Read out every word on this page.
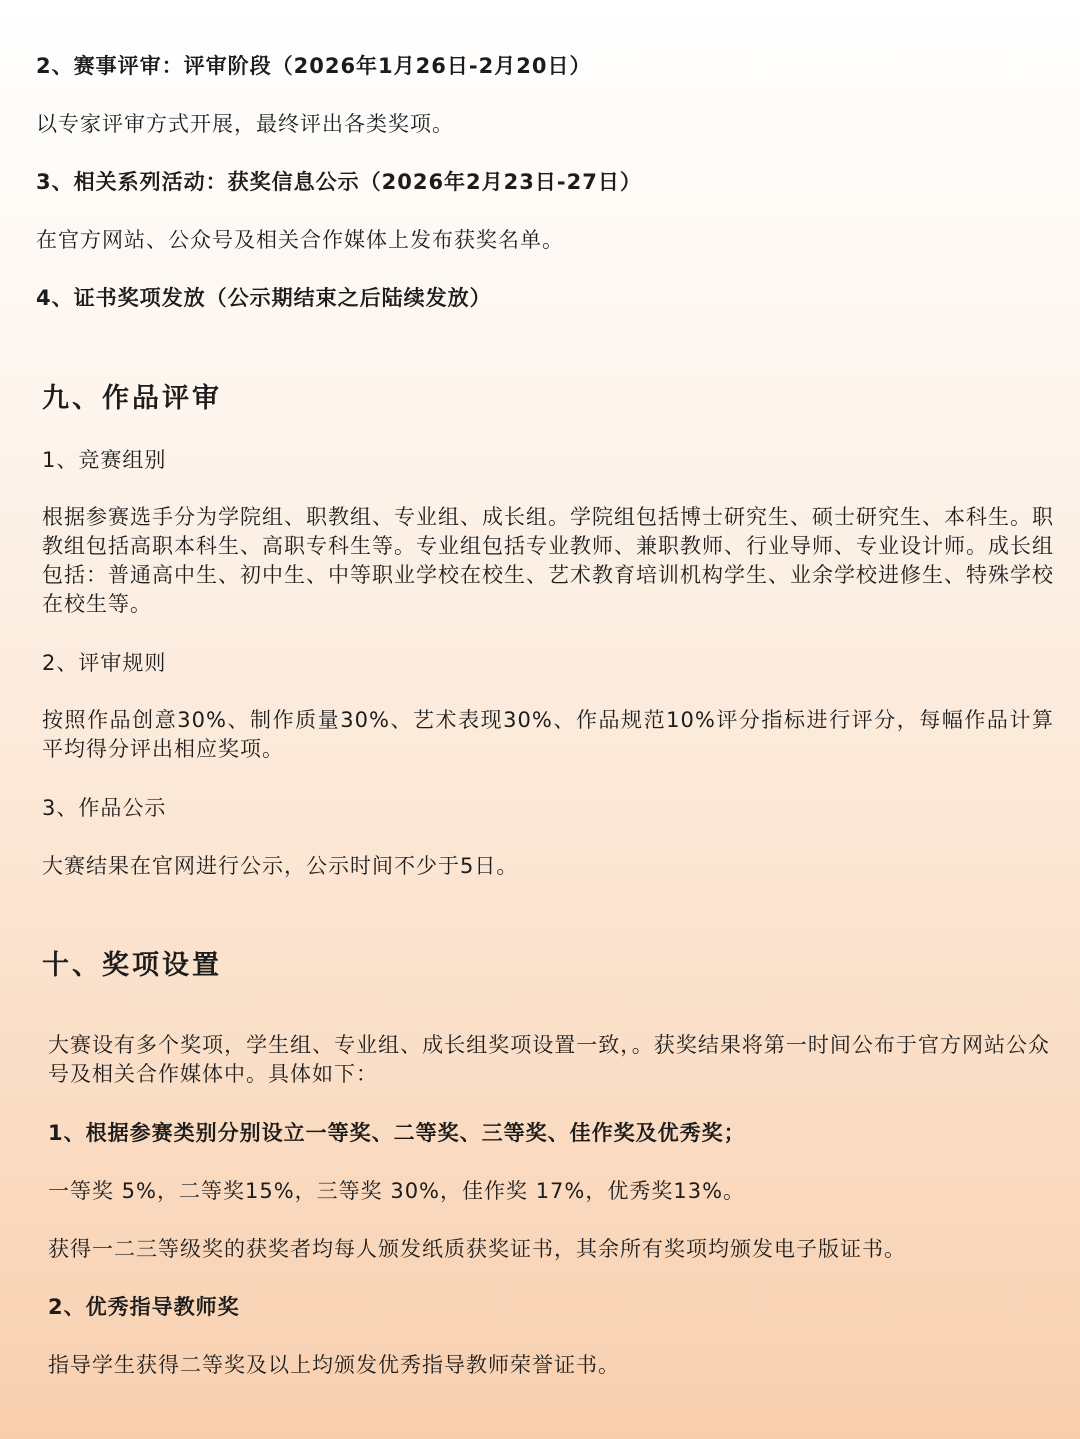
2、赛事评审：评审阶段（2026年1月26日-2月20日）

以专家评审方式开展，最终评出各类奖项。

3、相关系列活动：获奖信息公示（2026年2月23日-27日）

在官方网站、公众号及相关合作媒体上发布获奖名单。

4、证书奖项发放（公示期结束之后陆续发放）

九、作品评审

1、竞赛组别

根据参赛选手分为学院组、职教组、专业组、成长组。学院组包括博士研究生、硕士研究生、本科生。职教组包括高职本科生、高职专科生等。专业组包括专业教师、兼职教师、行业导师、专业设计师。成长组包括：普通高中生、初中生、中等职业学校在校生、艺术教育培训机构学生、业余学校进修生、特殊学校在校生等。

2、评审规则

按照作品创意30%、制作质量30%、艺术表现30%、作品规范10%评分指标进行评分，每幅作品计算平均得分评出相应奖项。

3、作品公示

大赛结果在官网进行公示，公示时间不少于5日。

十、奖项设置

大赛设有多个奖项，学生组、专业组、成长组奖项设置一致，。获奖结果将第一时间公布于官方网站公众号及相关合作媒体中。具体如下：

1、根据参赛类别分别设立一等奖、二等奖、三等奖、佳作奖及优秀奖；

一等奖 5%，二等奖15%，三等奖 30%，佳作奖 17%，优秀奖13%。

获得一二三等级奖的获奖者均每人颁发纸质获奖证书，其余所有奖项均颁发电子版证书。

2、优秀指导教师奖

指导学生获得二等奖及以上均颁发优秀指导教师荣誉证书。
